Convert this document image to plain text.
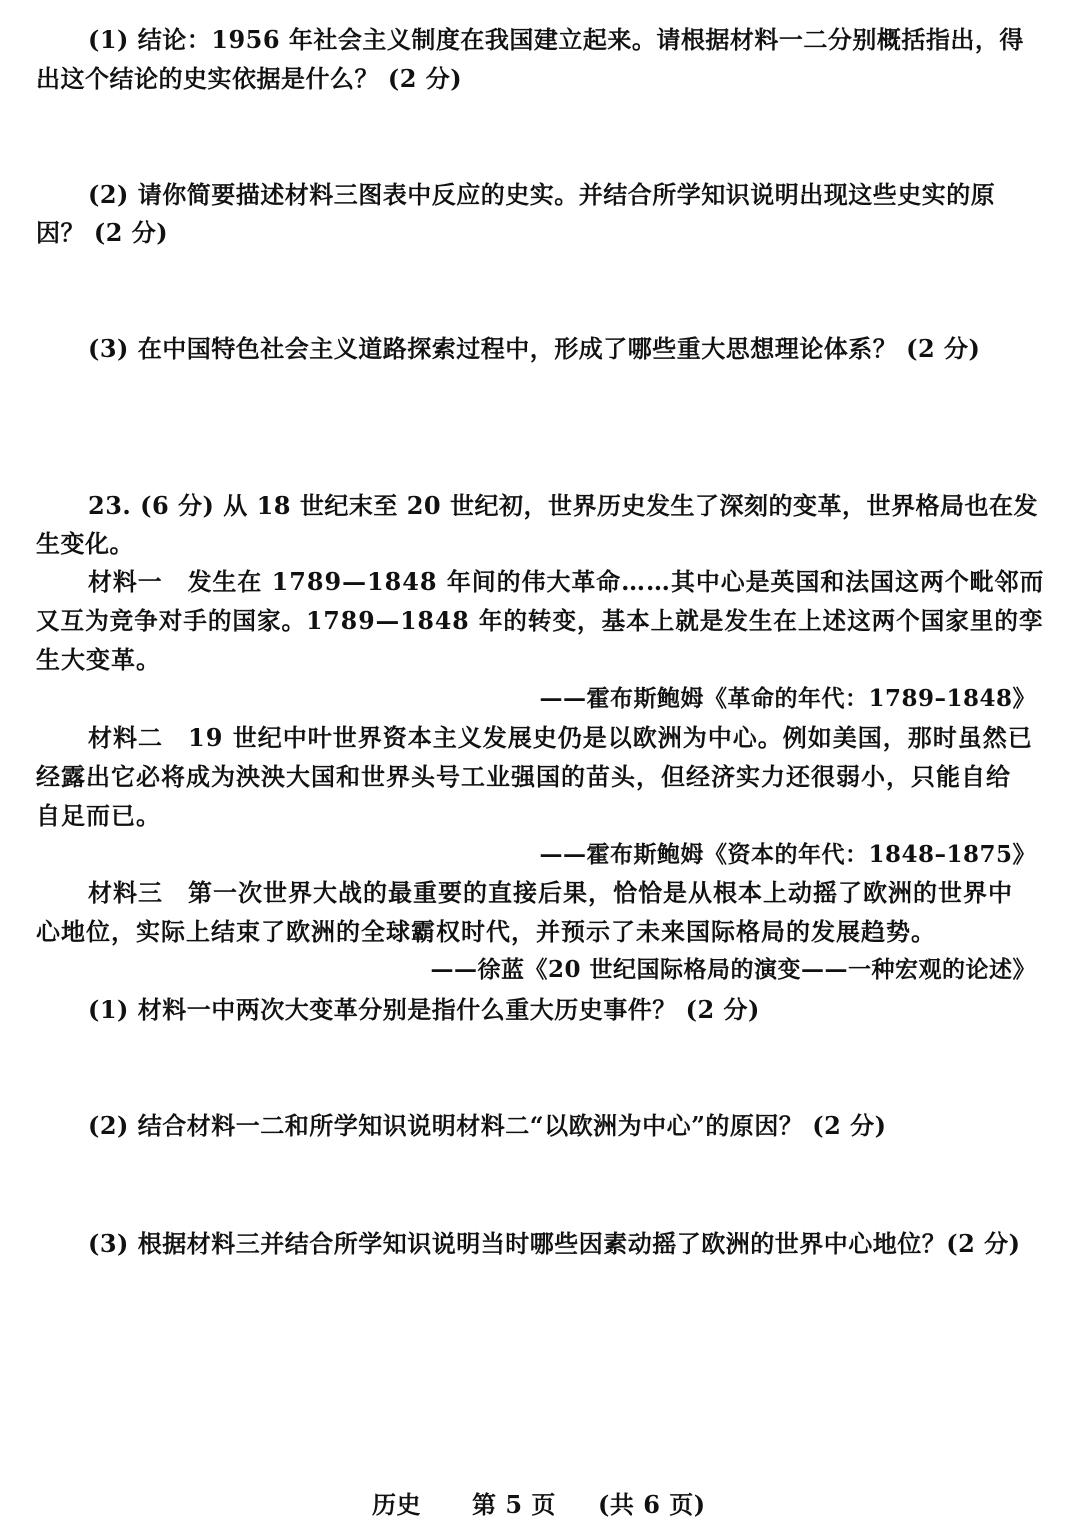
(1) 结论：1956 年社会主义制度在我国建立起来。请根据材料一二分别概括指出，得
出这个结论的史实依据是什么？ (2 分)
(2) 请你简要描述材料三图表中反应的史实。并结合所学知识说明出现这些史实的原
因？ (2 分)
(3) 在中国特色社会主义道路探索过程中，形成了哪些重大思想理论体系？ (2 分)
23. (6 分) 从 18 世纪末至 20 世纪初，世界历史发生了深刻的变革，世界格局也在发
生变化。
材料一　发生在 1789—1848 年间的伟大革命……其中心是英国和法国这两个毗邻而
又互为竞争对手的国家。1789—1848 年的转变，基本上就是发生在上述这两个国家里的孪
生大变革。
——霍布斯鲍姆《革命的年代：1789–1848》
材料二　19 世纪中叶世界资本主义发展史仍是以欧洲为中心。例如美国，那时虽然已
经露出它必将成为泱泱大国和世界头号工业强国的苗头，但经济实力还很弱小，只能自给
自足而已。
——霍布斯鲍姆《资本的年代：1848–1875》
材料三　第一次世界大战的最重要的直接后果，恰恰是从根本上动摇了欧洲的世界中
心地位，实际上结束了欧洲的全球霸权时代，并预示了未来国际格局的发展趋势。
——徐蓝《20 世纪国际格局的演变——一种宏观的论述》
(1) 材料一中两次大变革分别是指什么重大历史事件？ (2 分)
(2) 结合材料一二和所学知识说明材料二“以欧洲为中心”的原因？ (2 分)
(3) 根据材料三并结合所学知识说明当时哪些因素动摇了欧洲的世界中心地位？(2 分)
历史 第 5 页 (共 6 页)
